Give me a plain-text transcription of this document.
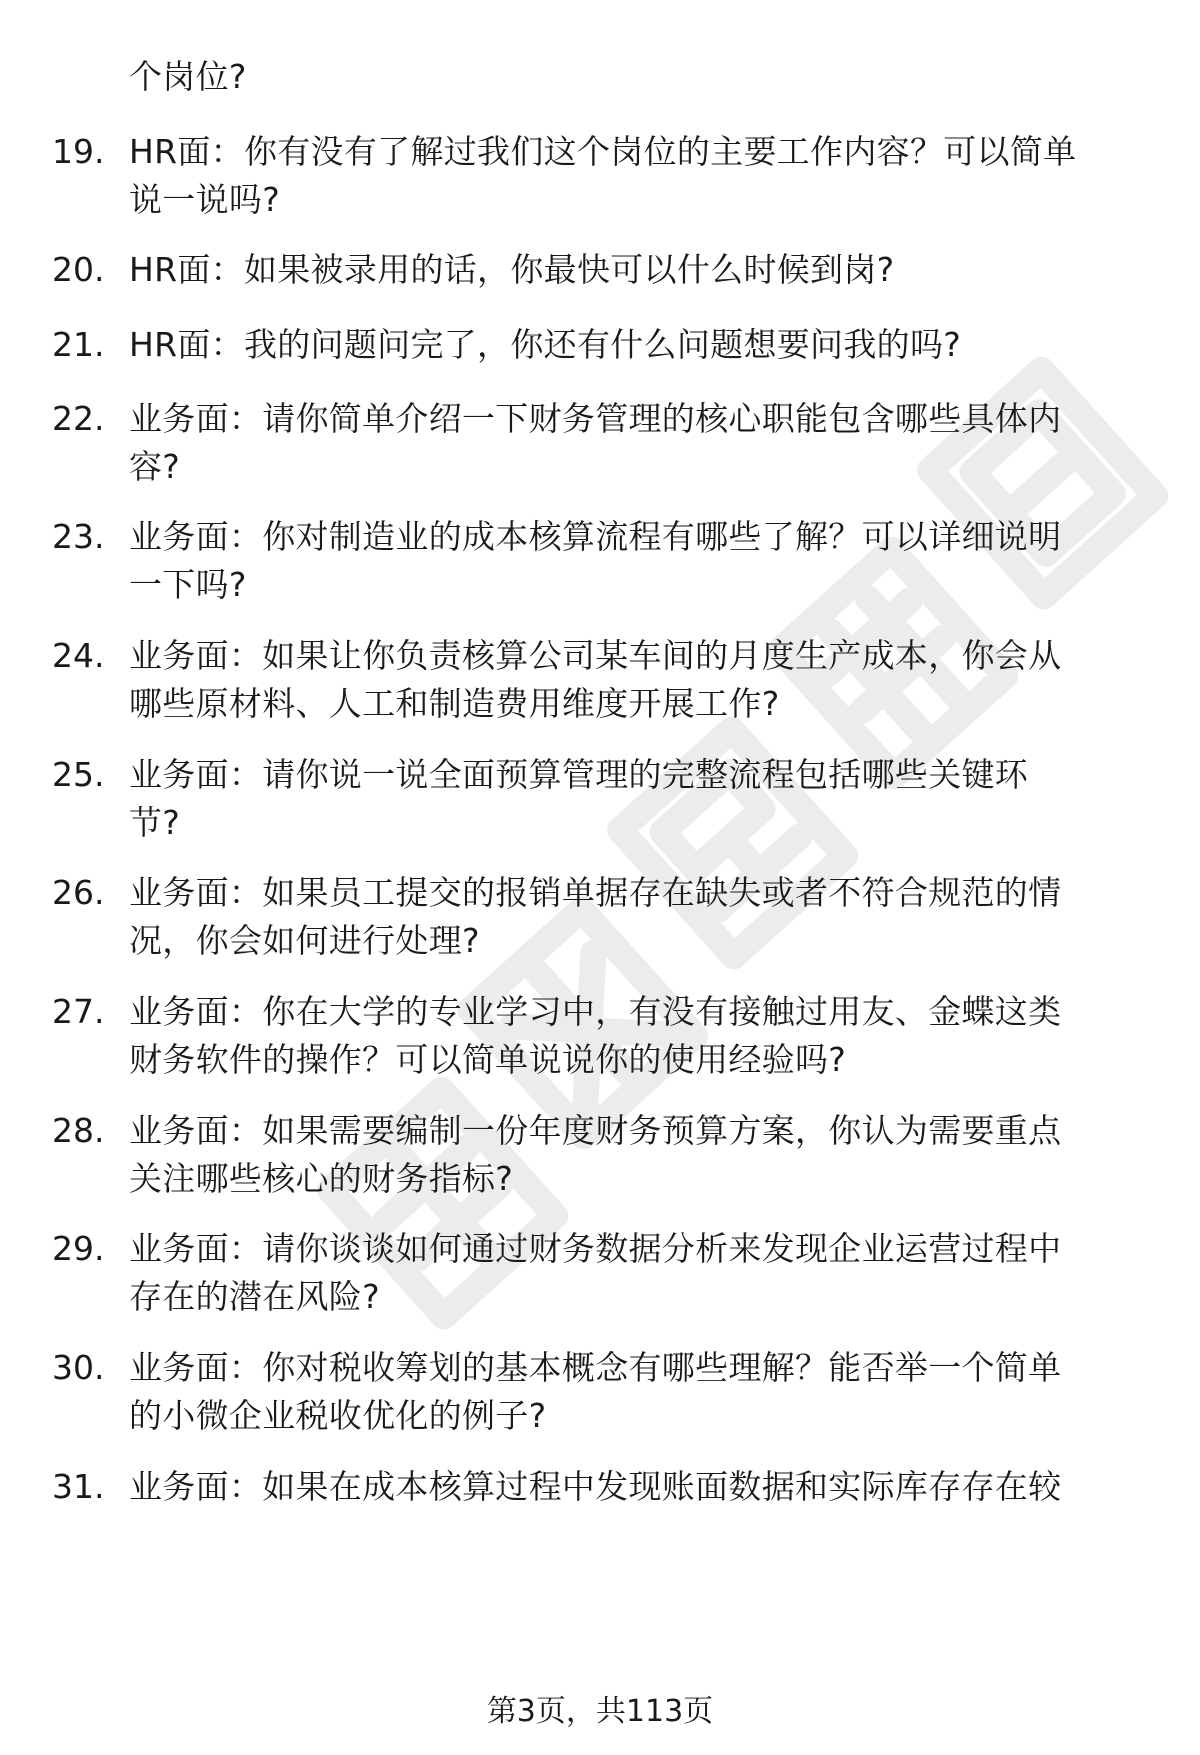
个岗位?
19. HR面：你有没有了解过我们这个岗位的主要工作内容？可以简单
说一说吗?
20. HR面：如果被录用的话，你最快可以什么时候到岗?
21. HR面：我的问题问完了，你还有什么问题想要问我的吗?
22. 业务面：请你简单介绍一下财务管理的核心职能包含哪些具体内
容?
23. 业务面：你对制造业的成本核算流程有哪些了解？可以详细说明
一下吗?
24. 业务面：如果让你负责核算公司某车间的月度生产成本，你会从
哪些原材料、人工和制造费用维度开展工作?
25. 业务面：请你说一说全面预算管理的完整流程包括哪些关键环
节?
26. 业务面：如果员工提交的报销单据存在缺失或者不符合规范的情
况，你会如何进行处理?
27. 业务面：你在大学的专业学习中，有没有接触过用友、金蝶这类
财务软件的操作？可以简单说说你的使用经验吗?
28. 业务面：如果需要编制一份年度财务预算方案，你认为需要重点
关注哪些核心的财务指标?
29. 业务面：请你谈谈如何通过财务数据分析来发现企业运营过程中
存在的潜在风险?
30. 业务面：你对税收筹划的基本概念有哪些理解？能否举一个简单
的小微企业税收优化的例子?
31. 业务面：如果在成本核算过程中发现账面数据和实际库存存在较
第3页，共113页
